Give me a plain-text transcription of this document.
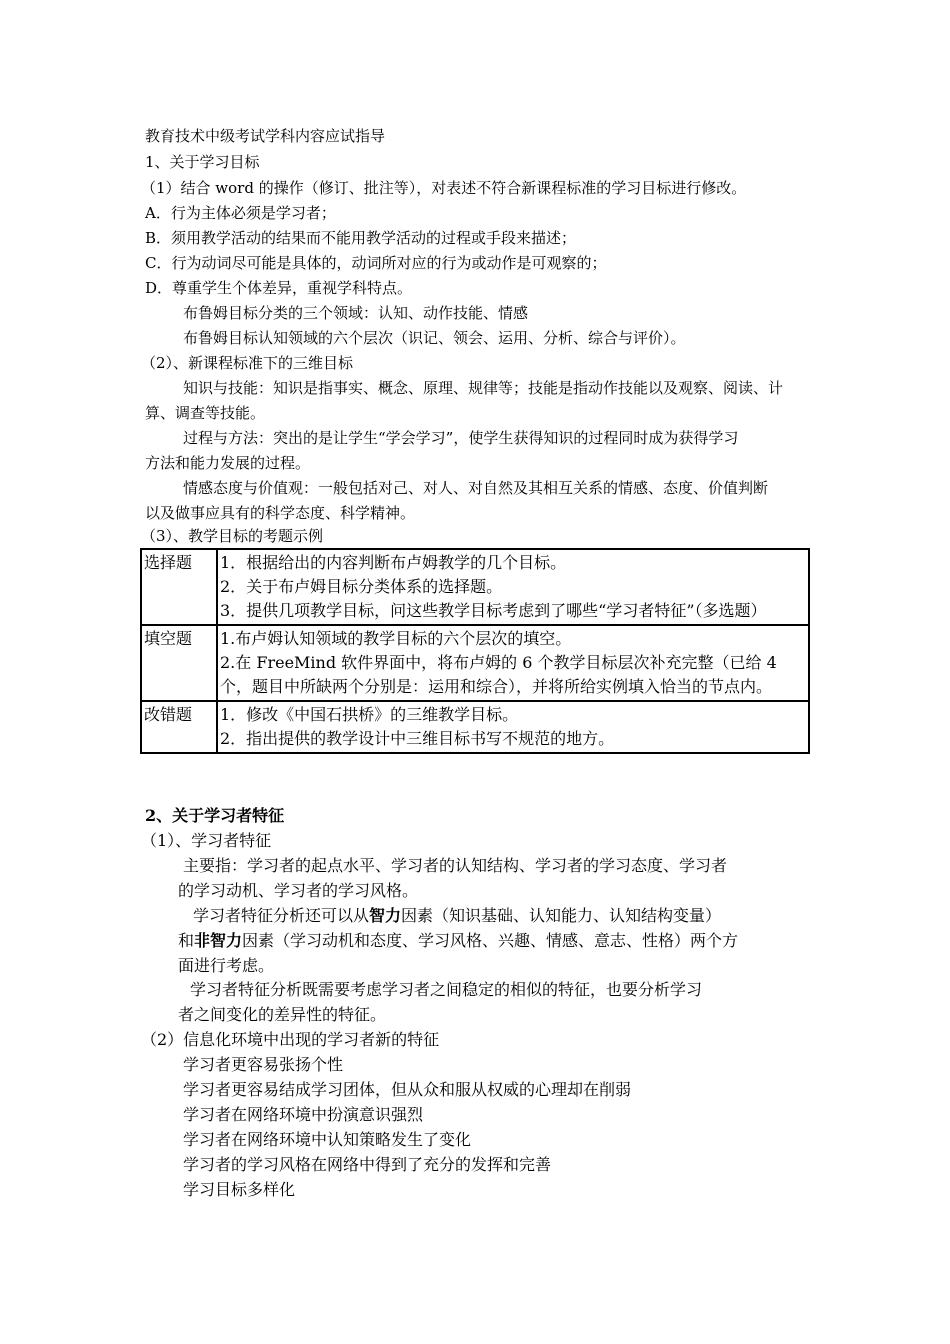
教育技术中级考试学科内容应试指导
1、关于学习目标
（1）结合 word 的操作（修订、批注等），对表述不符合新课程标准的学习目标进行修改。
A．行为主体必须是学习者；
B．须用教学活动的结果而不能用教学活动的过程或手段来描述；
C．行为动词尽可能是具体的，动词所对应的行为或动作是可观察的；
D．尊重学生个体差异，重视学科特点。
布鲁姆目标分类的三个领域：认知、动作技能、情感
布鲁姆目标认知领域的六个层次（识记、领会、运用、分析、综合与评价）。
（2）、新课程标准下的三维目标
知识与技能：知识是指事实、概念、原理、规律等；技能是指动作技能以及观察、阅读、计
算、调查等技能。
过程与方法：突出的是让学生“学会学习”，使学生获得知识的过程同时成为获得学习
方法和能力发展的过程。
情感态度与价值观：一般包括对己、对人、对自然及其相互关系的情感、态度、价值判断
以及做事应具有的科学态度、科学精神。
（3）、教学目标的考题示例
选择题	1．根据给出的内容判断布卢姆教学的几个目标。
2．关于布卢姆目标分类体系的选择题。
3．提供几项教学目标，问这些教学目标考虑到了哪些“学习者特征”（多选题）

填空题	1.布卢姆认知领域的教学目标的六个层次的填空。
2.在 FreeMind 软件界面中，将布卢姆的 6 个教学目标层次补充完整（已给 4 个，题目中所缺两个分别是：运用和综合），并将所给实例填入恰当的节点内。

改错题	1．修改《中国石拱桥》的三维教学目标。
2．指出提供的教学设计中三维目标书写不规范的地方。
2、关于学习者特征
（1）、学习者特征
主要指：学习者的起点水平、学习者的认知结构、学习者的学习态度、学习者
的学习动机、学习者的学习风格。
学习者特征分析还可以从智力因素（知识基础、认知能力、认知结构变量）
和非智力因素（学习动机和态度、学习风格、兴趣、情感、意志、性格）两个方
面进行考虑。
学习者特征分析既需要考虑学习者之间稳定的相似的特征，也要分析学习
者之间变化的差异性的特征。
（2）信息化环境中出现的学习者新的特征
学习者更容易张扬个性
学习者更容易结成学习团体，但从众和服从权威的心理却在削弱
学习者在网络环境中扮演意识强烈
学习者在网络环境中认知策略发生了变化
学习者的学习风格在网络中得到了充分的发挥和完善
学习目标多样化
